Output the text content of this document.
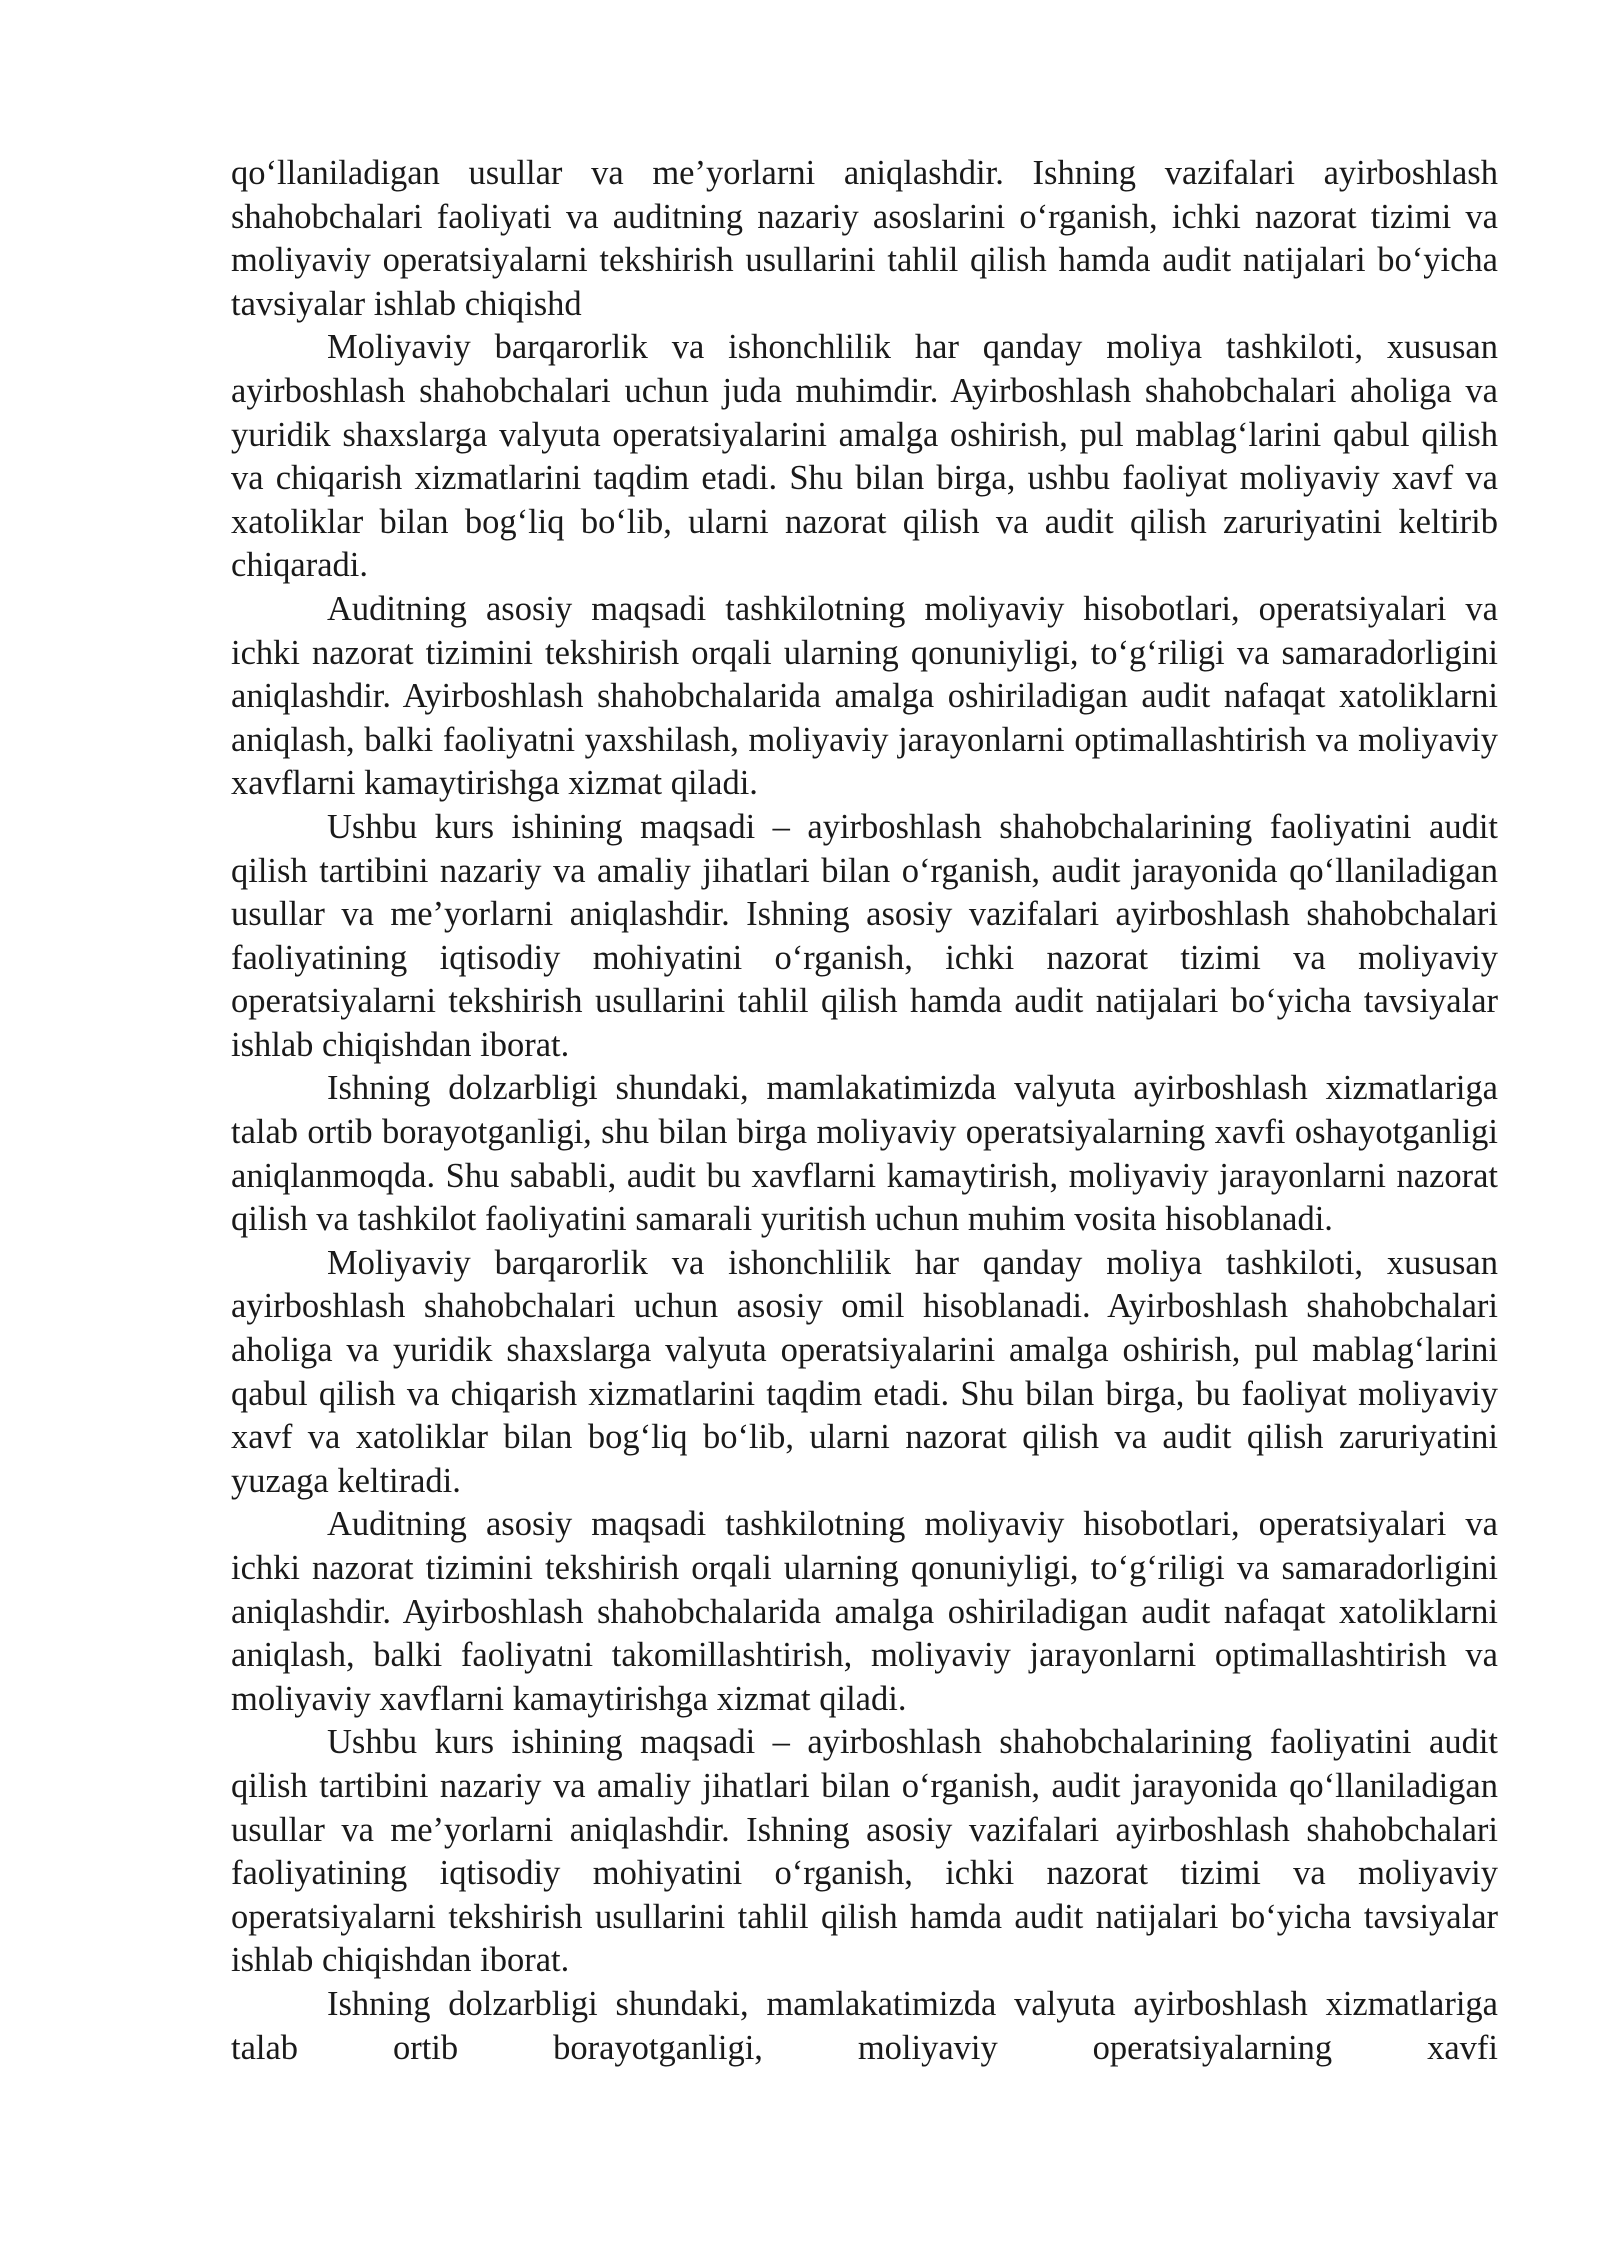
qo‘llaniladigan usullar va me’yorlarni aniqlashdir. Ishning vazifalari ayirboshlash shahobchalari faoliyati va auditning nazariy asoslarini o‘rganish, ichki nazorat tizimi va moliyaviy operatsiyalarni tekshirish usullarini tahlil qilish hamda audit natijalari bo‘yicha tavsiyalar ishlab chiqishd

Moliyaviy barqarorlik va ishonchlilik har qanday moliya tashkiloti, xususan ayirboshlash shahobchalari uchun juda muhimdir. Ayirboshlash shahobchalari aholiga va yuridik shaxslarga valyuta operatsiyalarini amalga oshirish, pul mablag‘larini qabul qilish va chiqarish xizmatlarini taqdim etadi. Shu bilan birga, ushbu faoliyat moliyaviy xavf va xatoliklar bilan bog‘liq bo‘lib, ularni nazorat qilish va audit qilish zaruriyatini keltirib chiqaradi.

Auditning asosiy maqsadi tashkilotning moliyaviy hisobotlari, operatsiyalari va ichki nazorat tizimini tekshirish orqali ularning qonuniyligi, to‘g‘riligi va samaradorligini aniqlashdir. Ayirboshlash shahobchalarida amalga oshiriladigan audit nafaqat xatoliklarni aniqlash, balki faoliyatni yaxshilash, moliyaviy jarayonlarni optimallashtirish va moliyaviy xavflarni kamaytirishga xizmat qiladi.

Ushbu kurs ishining maqsadi – ayirboshlash shahobchalarining faoliyatini audit qilish tartibini nazariy va amaliy jihatlari bilan o‘rganish, audit jarayonida qo‘llaniladigan usullar va me’yorlarni aniqlashdir. Ishning asosiy vazifalari ayirboshlash shahobchalari faoliyatining iqtisodiy mohiyatini o‘rganish, ichki nazorat tizimi va moliyaviy operatsiyalarni tekshirish usullarini tahlil qilish hamda audit natijalari bo‘yicha tavsiyalar ishlab chiqishdan iborat.

Ishning dolzarbligi shundaki, mamlakatimizda valyuta ayirboshlash xizmatlariga talab ortib borayotganligi, shu bilan birga moliyaviy operatsiyalarning xavfi oshayotganligi aniqlanmoqda. Shu sababli, audit bu xavflarni kamaytirish, moliyaviy jarayonlarni nazorat qilish va tashkilot faoliyatini samarali yuritish uchun muhim vosita hisoblanadi.

Moliyaviy barqarorlik va ishonchlilik har qanday moliya tashkiloti, xususan ayirboshlash shahobchalari uchun asosiy omil hisoblanadi. Ayirboshlash shahobchalari aholiga va yuridik shaxslarga valyuta operatsiyalarini amalga oshirish, pul mablag‘larini qabul qilish va chiqarish xizmatlarini taqdim etadi. Shu bilan birga, bu faoliyat moliyaviy xavf va xatoliklar bilan bog‘liq bo‘lib, ularni nazorat qilish va audit qilish zaruriyatini yuzaga keltiradi.

Auditning asosiy maqsadi tashkilotning moliyaviy hisobotlari, operatsiyalari va ichki nazorat tizimini tekshirish orqali ularning qonuniyligi, to‘g‘riligi va samaradorligini aniqlashdir. Ayirboshlash shahobchalarida amalga oshiriladigan audit nafaqat xatoliklarni aniqlash, balki faoliyatni takomillashtirish, moliyaviy jarayonlarni optimallashtirish va moliyaviy xavflarni kamaytirishga xizmat qiladi.

Ushbu kurs ishining maqsadi – ayirboshlash shahobchalarining faoliyatini audit qilish tartibini nazariy va amaliy jihatlari bilan o‘rganish, audit jarayonida qo‘llaniladigan usullar va me’yorlarni aniqlashdir. Ishning asosiy vazifalari ayirboshlash shahobchalari faoliyatining iqtisodiy mohiyatini o‘rganish, ichki nazorat tizimi va moliyaviy operatsiyalarni tekshirish usullarini tahlil qilish hamda audit natijalari bo‘yicha tavsiyalar ishlab chiqishdan iborat.

Ishning dolzarbligi shundaki, mamlakatimizda valyuta ayirboshlash xizmatlariga talab ortib borayotganligi, moliyaviy operatsiyalarning xavfi
